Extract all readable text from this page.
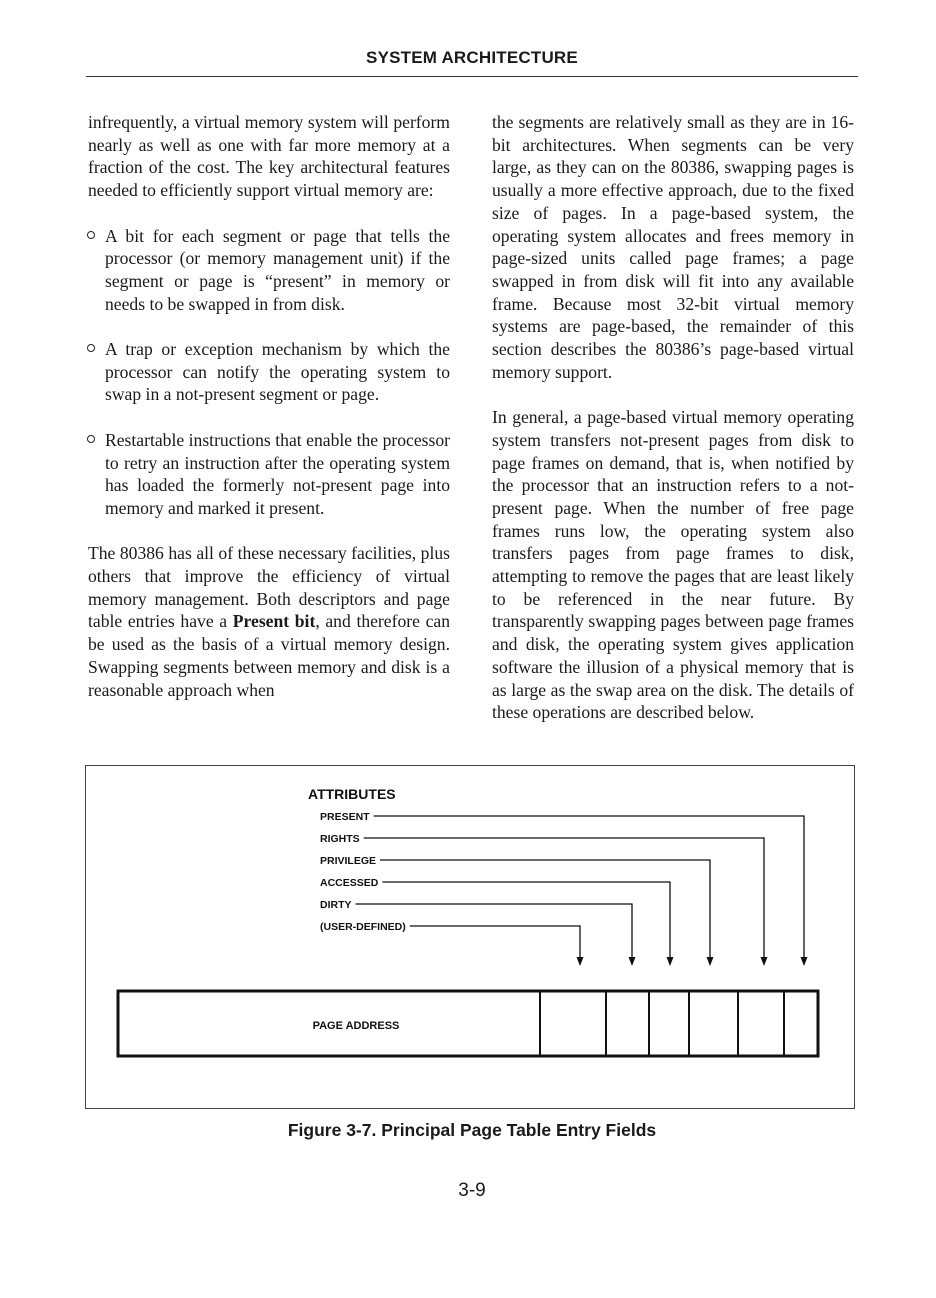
SYSTEM ARCHITECTURE

infrequently, a virtual memory system will perform nearly as well as one with far more memory at a fraction of the cost. The key architectural features needed to efficiently support virtual memory are:

A bit for each segment or page that tells the processor (or memory management unit) if the segment or page is “present” in memory or needs to be swapped in from disk.

A trap or exception mechanism by which the processor can notify the operating system to swap in a not-present segment or page.

Restartable instructions that enable the processor to retry an instruction after the operating system has loaded the formerly not-present page into memory and marked it present.

The 80386 has all of these necessary facilities, plus others that improve the efficiency of virtual memory management. Both descriptors and page table entries have a Present bit, and therefore can be used as the basis of a virtual memory design. Swapping segments between memory and disk is a reasonable approach when

the segments are relatively small as they are in 16-bit architectures. When segments can be very large, as they can on the 80386, swapping pages is usually a more effective approach, due to the fixed size of pages. In a page-based system, the operating system allocates and frees memory in page-sized units called page frames; a page swapped in from disk will fit into any available frame. Because most 32-bit virtual memory systems are page-based, the remainder of this section describes the 80386’s page-based virtual memory support.

In general, a page-based virtual memory operating system transfers not-present pages from disk to page frames on demand, that is, when notified by the processor that an instruction refers to a not-present page. When the number of free page frames runs low, the operating system also transfers pages from page frames to disk, attempting to remove the pages that are least likely to be referenced in the near future. By transparently swapping pages between page frames and disk, the operating system gives application software the illusion of a physical memory that is as large as the swap area on the disk. The details of these operations are described below.

ATTRIBUTES
PRESENT
RIGHTS
PRIVILEGE
ACCESSED
DIRTY
(USER-DEFINED)
PAGE ADDRESS
Figure 3-7. Principal Page Table Entry Fields
3-9
